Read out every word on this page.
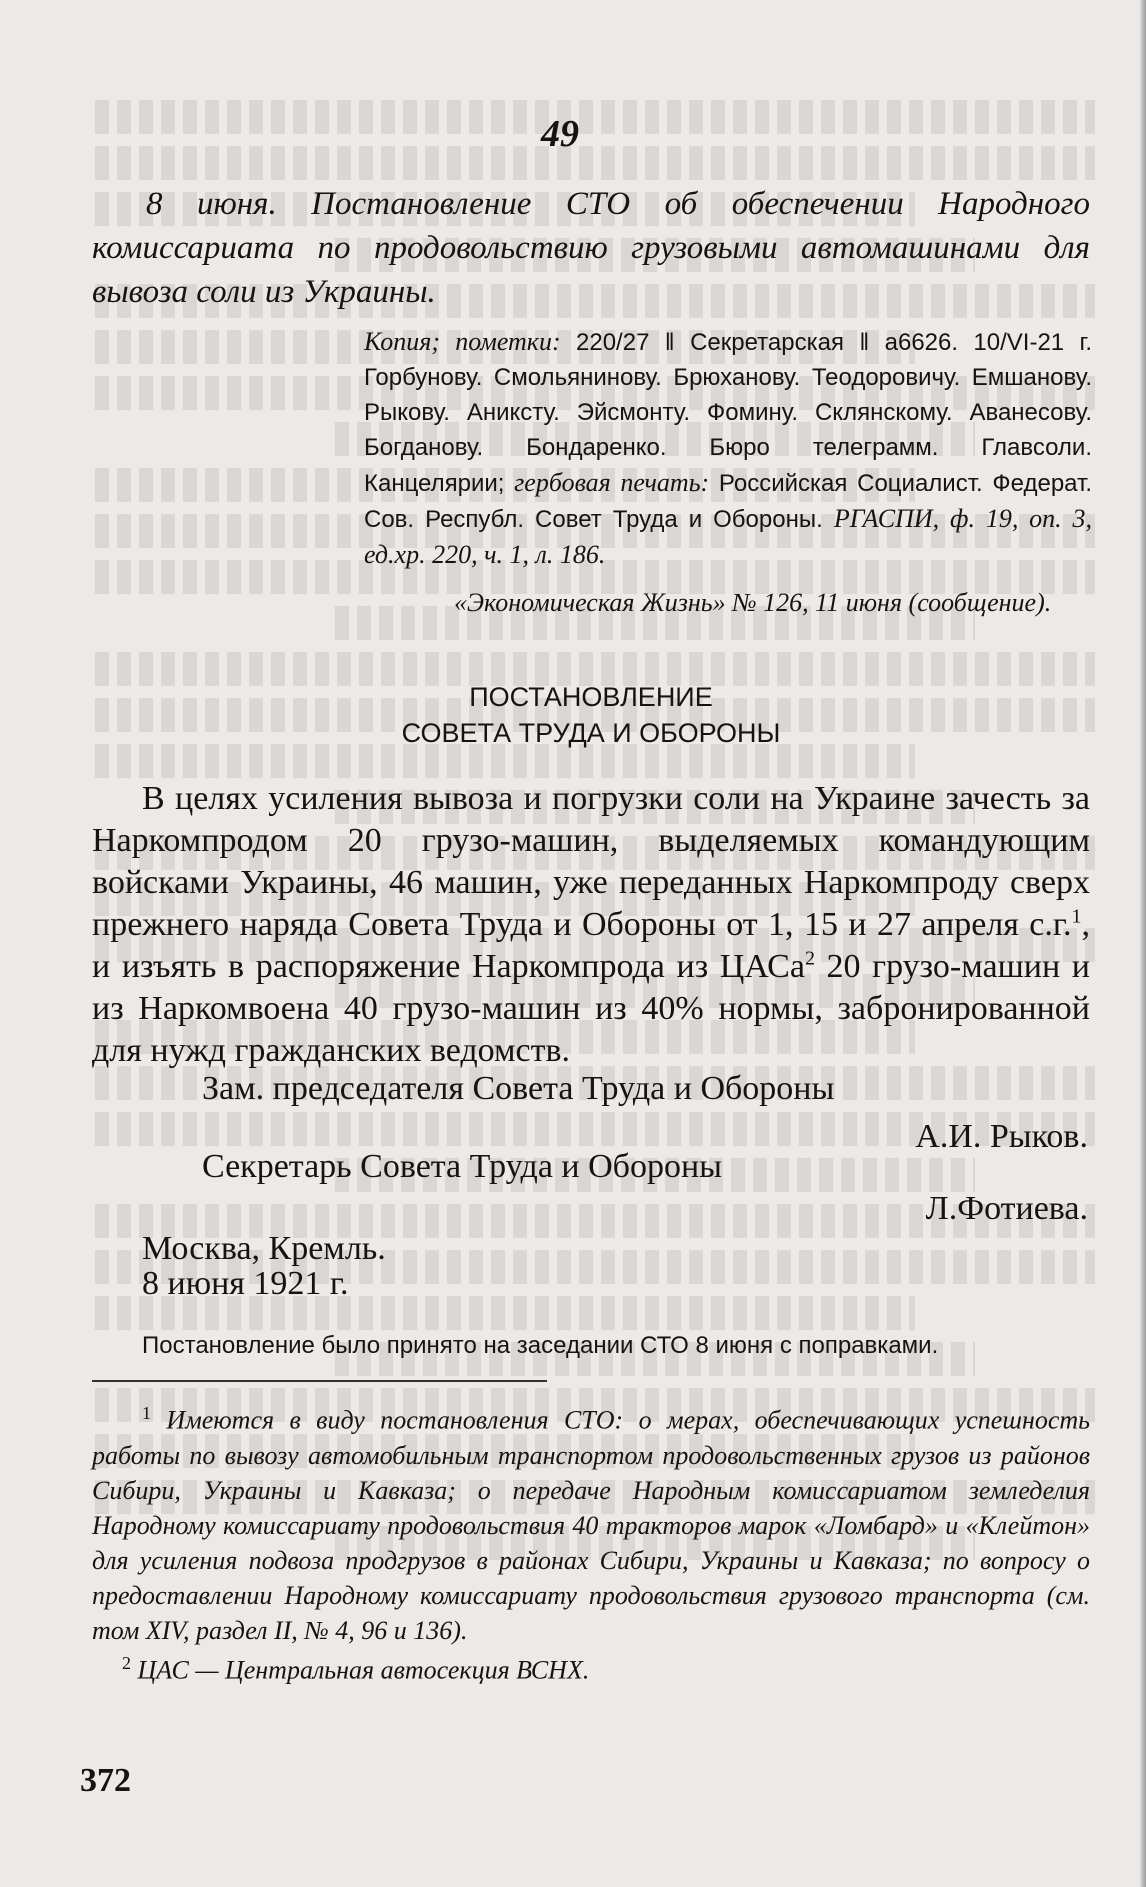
49
8 июня. Постановление СТО об обеспечении Народного комиссариата по продовольствию грузовыми автомашинами для вывоза соли из Украины.
Копия; пометки: 220/27 ‖ Секретарская ‖ a6626. 10/VI-21 г. Горбунову. Смольянинову. Брюханову. Теодоровичу. Емшанову. Рыкову. Аниксту. Эйсмонту. Фомину. Склянскому. Аванесову. Богданову. Бондаренко. Бюро телеграмм. Главсоли. Канцелярии; гербовая печать: Российская Социалист. Федерат. Сов. Республ. Совет Труда и Обороны. РГАСПИ, ф. 19, оп. 3, ед.хр. 220, ч. 1, л. 186.
«Экономическая Жизнь» № 126, 11 июня (сообщение).
ПОСТАНОВЛЕНИЕ
СОВЕТА ТРУДА И ОБОРОНЫ
В целях усиления вывоза и погрузки соли на Украине зачесть за Наркомпродом 20 грузо-машин, выделяемых командующим войсками Украины, 46 машин, уже переданных Наркомпроду сверх прежнего наряда Совета Труда и Обороны от 1, 15 и 27 апреля с.г.$^1$, и изъять в распоряжение Наркомпрода из ЦАСа$^2$ 20 грузо-машин и из Наркомвоена 40 грузо-машин из 40% нормы, забронированной для нужд гражданских ведомств.
Зам. председателя Совета Труда и Обороны
А.И. Рыков.
Секретарь Совета Труда и Обороны
Л.Фотиева.
Москва, Кремль.
8 июня 1921 г.
Постановление было принято на заседании СТО 8 июня с поправками.
$^1$ Имеются в виду постановления СТО: о мерах, обеспечивающих успешность работы по вывозу автомобильным транспортом продовольственных грузов из районов Сибири, Украины и Кавказа; о передаче Народным комиссариатом земледелия Народному комиссариату продовольствия 40 тракторов марок «Ломбард» и «Клейтон» для усиления подвоза продгрузов в районах Сибири, Украины и Кавказа; по вопросу о предоставлении Народному комиссариату продовольствия грузового транспорта (см. том XIV, раздел II, № 4, 96 и 136).
$^2$ ЦАС — Центральная автосекция ВСНХ.
372
